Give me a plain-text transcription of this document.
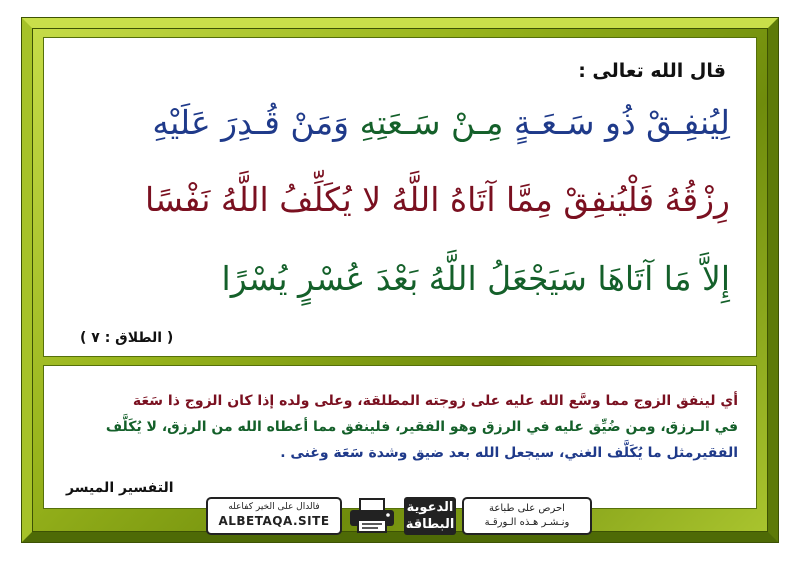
قال الله تعالى :
لِيُنفِـقْ ذُو سَـعَـةٍ مِـنْ سَـعَتِهِ وَمَنْ قُـدِرَ عَلَيْهِ
رِزْقُهُ فَلْيُنفِقْ مِمَّا آتَاهُ اللَّهُ لا يُكَلِّفُ اللَّهُ نَفْسًا
إِلاَّ مَا آتَاهَا سَيَجْعَلُ اللَّهُ بَعْدَ عُسْرٍ يُسْرًا
( الطلاق : ٧ )
أي لينفق الزوج مما وسَّع الله عليه على زوجته المطلقة، وعلى ولده إذا كان الزوج ذا سَعَة
في الـرزق، ومن ضُيِّق عليه في الرزق وهو الفقير، فلينفق مما أعطاه الله من الرزق، لا يُكَلَّف
الفقيرمثل ما يُكَلَّف الغني، سيجعل الله بعد ضيق وشدة سَعَة وغنى .
التفسير الميسر
فالدال على الخير كفاعله
ALBETAQA.SITE
الدعوية البطاقة
احرص على طباعة
ونـشـر هـذه الـورقـة
